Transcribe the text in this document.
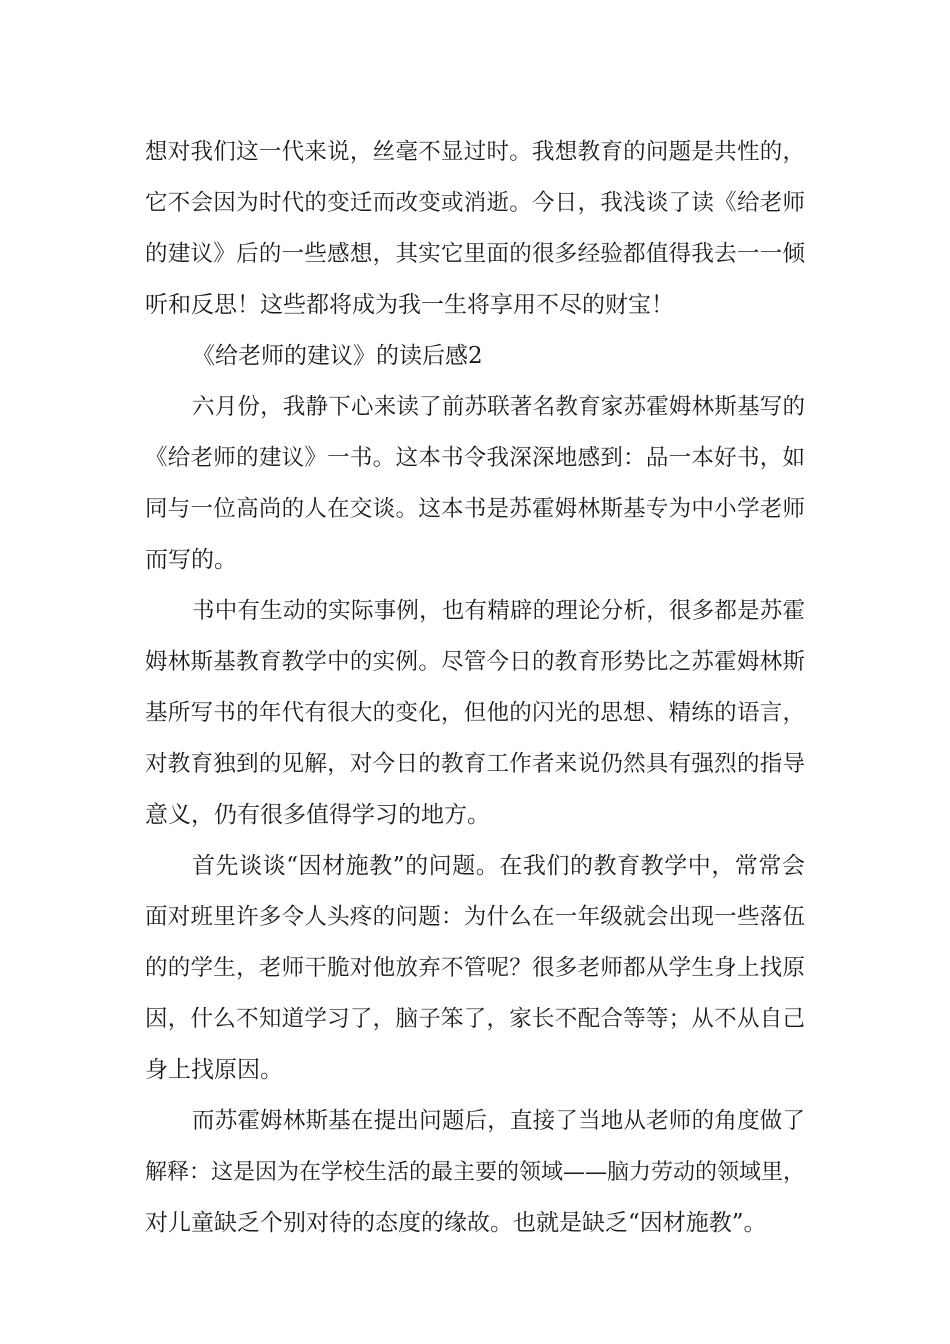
想对我们这一代来说，丝毫不显过时。我想教育的问题是共性的，
它不会因为时代的变迁而改变或消逝。今日，我浅谈了读《给老师
的建议》后的一些感想，其实它里面的很多经验都值得我去一一倾
听和反思！这些都将成为我一生将享用不尽的财宝！
《给老师的建议》的读后感2
六月份，我静下心来读了前苏联著名教育家苏霍姆林斯基写的
《给老师的建议》一书。这本书令我深深地感到：品一本好书，如
同与一位高尚的人在交谈。这本书是苏霍姆林斯基专为中小学老师
而写的。
书中有生动的实际事例，也有精辟的理论分析，很多都是苏霍
姆林斯基教育教学中的实例。尽管今日的教育形势比之苏霍姆林斯
基所写书的年代有很大的变化，但他的闪光的思想、精练的语言，
对教育独到的见解，对今日的教育工作者来说仍然具有强烈的指导
意义，仍有很多值得学习的地方。
首先谈谈“因材施教”的问题。在我们的教育教学中，常常会
面对班里许多令人头疼的问题：为什么在一年级就会出现一些落伍
的的学生，老师干脆对他放弃不管呢？很多老师都从学生身上找原
因，什么不知道学习了，脑子笨了，家长不配合等等；从不从自己
身上找原因。
而苏霍姆林斯基在提出问题后，直接了当地从老师的角度做了
解释：这是因为在学校生活的最主要的领域——脑力劳动的领域里，
对儿童缺乏个别对待的态度的缘故。也就是缺乏“因材施教”。
